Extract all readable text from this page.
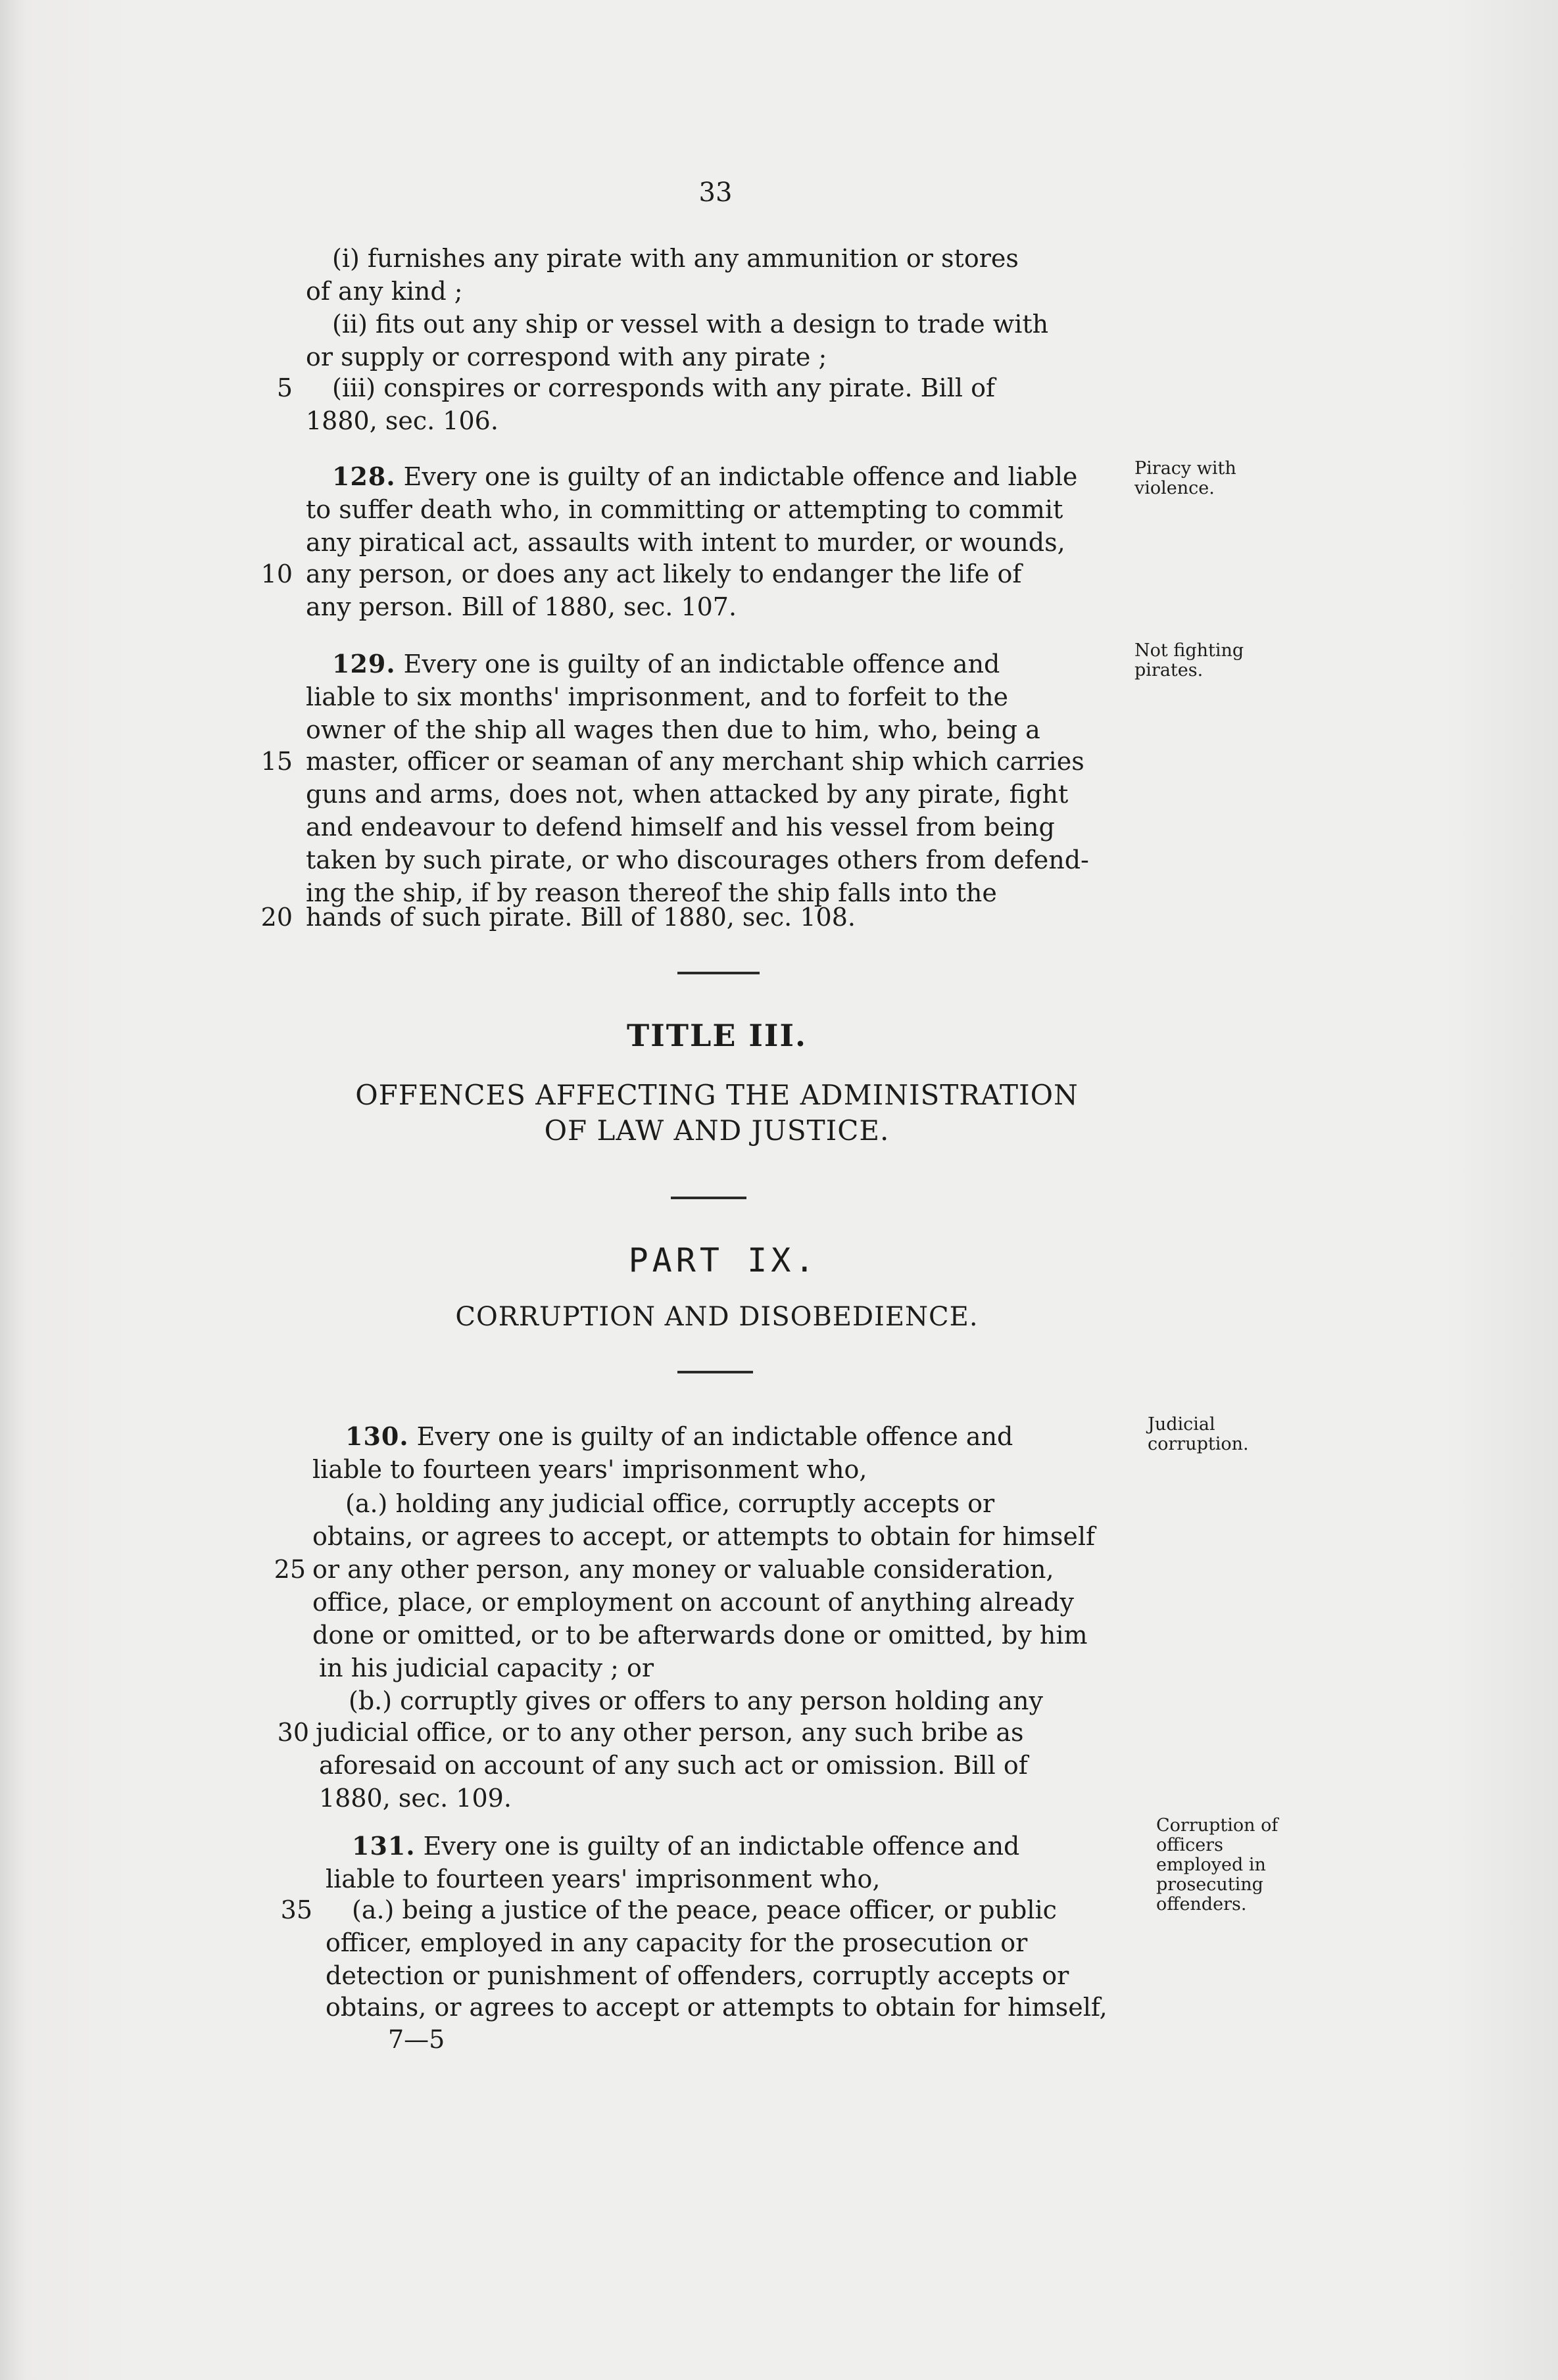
33
(i) furnishes any pirate with any ammunition or stores
of any kind ;
(ii) fits out any ship or vessel with a design to trade with
or supply or correspond with any pirate ;
5 (iii) conspires or corresponds with any pirate. Bill of
1880, sec. 106.
128. Every one is guilty of an indictable offence and liable	Piracy with violence.
to suffer death who, in committing or attempting to commit
any piratical act, assaults with intent to murder, or wounds,
10 any person, or does any act likely to endanger the life of
any person. Bill of 1880, sec. 107.
129. Every one is guilty of an indictable offence and	Not fighting pirates.
liable to six months' imprisonment, and to forfeit to the
owner of the ship all wages then due to him, who, being a
15 master, officer or seaman of any merchant ship which carries
guns and arms, does not, when attacked by any pirate, fight
and endeavour to defend himself and his vessel from being
taken by such pirate, or who discourages others from defend-
ing the ship, if by reason thereof the ship falls into the
20 hands of such pirate. Bill of 1880, sec. 108.
TITLE III.
OFFENCES AFFECTING THE ADMINISTRATION
OF LAW AND JUSTICE.
PART IX.
CORRUPTION AND DISOBEDIENCE.
130. Every one is guilty of an indictable offence and	Judicial corruption.
liable to fourteen years' imprisonment who,
(a.) holding any judicial office, corruptly accepts or
obtains, or agrees to accept, or attempts to obtain for himself
25 or any other person, any money or valuable consideration,
office, place, or employment on account of anything already
done or omitted, or to be afterwards done or omitted, by him
in his judicial capacity ; or
(b.) corruptly gives or offers to any person holding any
30 judicial office, or to any other person, any such bribe as
aforesaid on account of any such act or omission. Bill of
1880, sec. 109.
131. Every one is guilty of an indictable offence and
Corruption of officers employed in prosecuting offenders.
liable to fourteen years' imprisonment who,
35 (a.) being a justice of the peace, peace officer, or public
officer, employed in any capacity for the prosecution or
detection or punishment of offenders, corruptly accepts or
obtains, or agrees to accept or attempts to obtain for himself,
7—5
